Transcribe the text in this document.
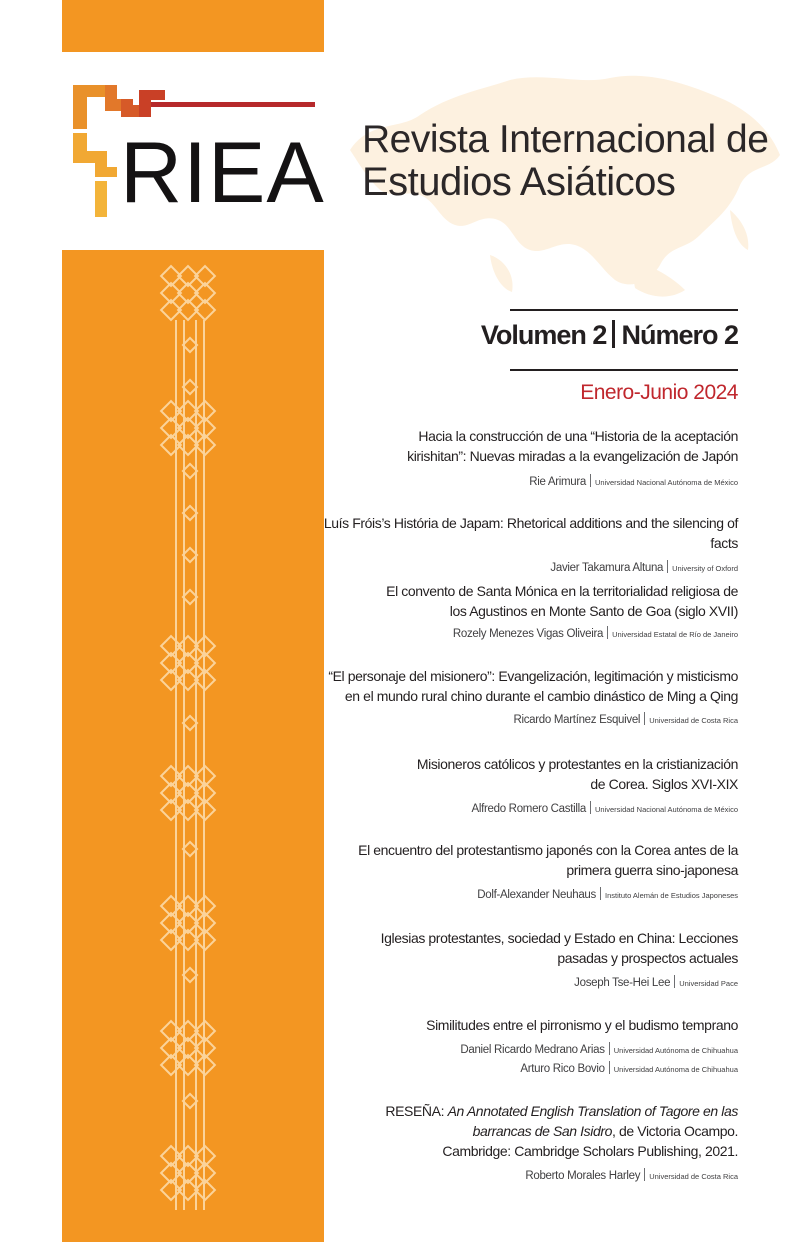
RIEA Revista Internacional de
Estudios Asiáticos
Volumen 2 Número 2
Enero-Junio 2024
Hacia la construcción de una “Historia de la aceptación
kirishitan”: Nuevas miradas a la evangelización de Japón
Rie Arimura Universidad Nacional Autónoma de México
Luís Fróis’s História de Japam: Rhetorical additions and the silencing of facts
Javier Takamura Altuna University of Oxford
El convento de Santa Mónica en la territorialidad religiosa de
los Agustinos en Monte Santo de Goa (siglo XVII)
Rozely Menezes Vigas Oliveira Universidad Estatal de Río de Janeiro
“El personaje del misionero”: Evangelización, legitimación y misticismo
en el mundo rural chino durante el cambio dinástico de Ming a Qing
Ricardo Martínez Esquivel Universidad de Costa Rica
Misioneros católicos y protestantes en la cristianización
de Corea. Siglos XVI-XIX
Alfredo Romero Castilla Universidad Nacional Autónoma de México
El encuentro del protestantismo japonés con la Corea antes de la
primera guerra sino-japonesa
Dolf-Alexander Neuhaus Instituto Alemán de Estudios Japoneses
Iglesias protestantes, sociedad y Estado en China: Lecciones
pasadas y prospectos actuales
Joseph Tse-Hei Lee Universidad Pace
Similitudes entre el pirronismo y el budismo temprano
Daniel Ricardo Medrano Arias Universidad Autónoma de Chihuahua
Arturo Rico Bovio Universidad Autónoma de Chihuahua
RESEÑA: An Annotated English Translation of Tagore en las
barrancas de San Isidro, de Victoria Ocampo.
Cambridge: Cambridge Scholars Publishing, 2021.
Roberto Morales Harley Universidad de Costa Rica
